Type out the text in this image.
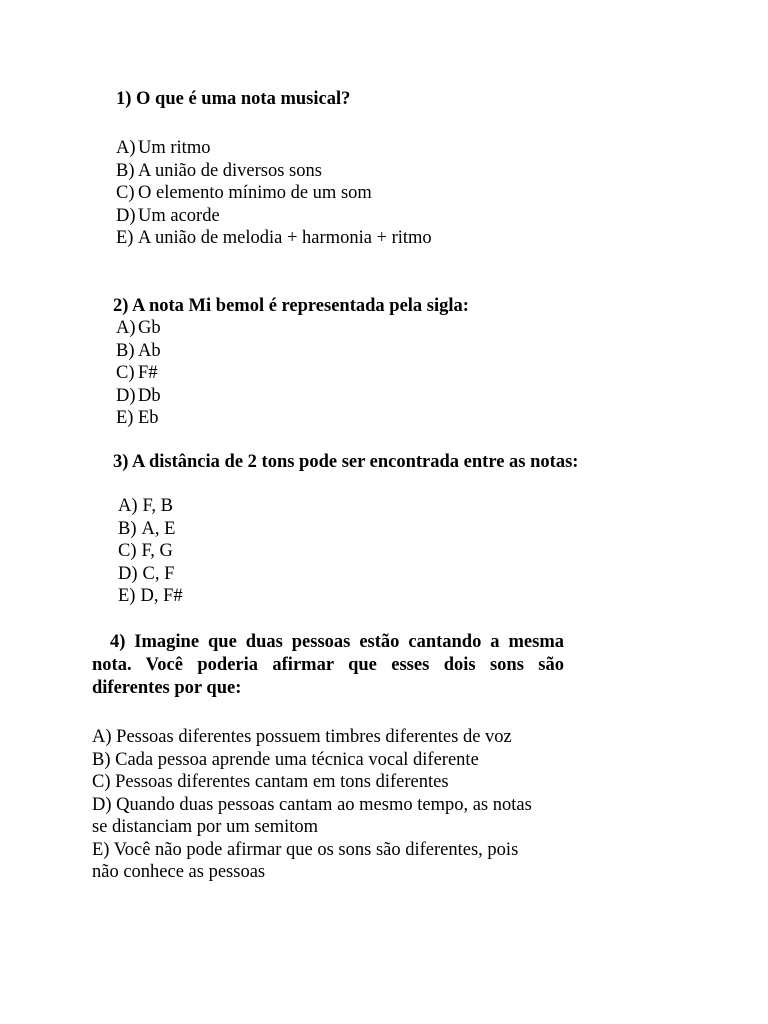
1) O que é uma nota musical?

A) Um ritmo
B) A união de diversos sons
C) O elemento mínimo de um som
D) Um acorde
E) A união de melodia + harmonia + ritmo

2) A nota Mi bemol é representada pela sigla:

A) Gb
B) Ab
C) F#
D) Db
E) Eb

3) A distância de 2 tons pode ser encontrada entre as notas:

A) F, B
B) A, E
C) F, G
D) C, F
E) D, F#

4) Imagine que duas pessoas estão cantando a mesma nota. Você poderia afirmar que esses dois sons são diferentes por que:

A) Pessoas diferentes possuem timbres diferentes de voz
B) Cada pessoa aprende uma técnica vocal diferente
C) Pessoas diferentes cantam em tons diferentes
D) Quando duas pessoas cantam ao mesmo tempo, as notas se distanciam por um semitom
E) Você não pode afirmar que os sons são diferentes, pois não conhece as pessoas
